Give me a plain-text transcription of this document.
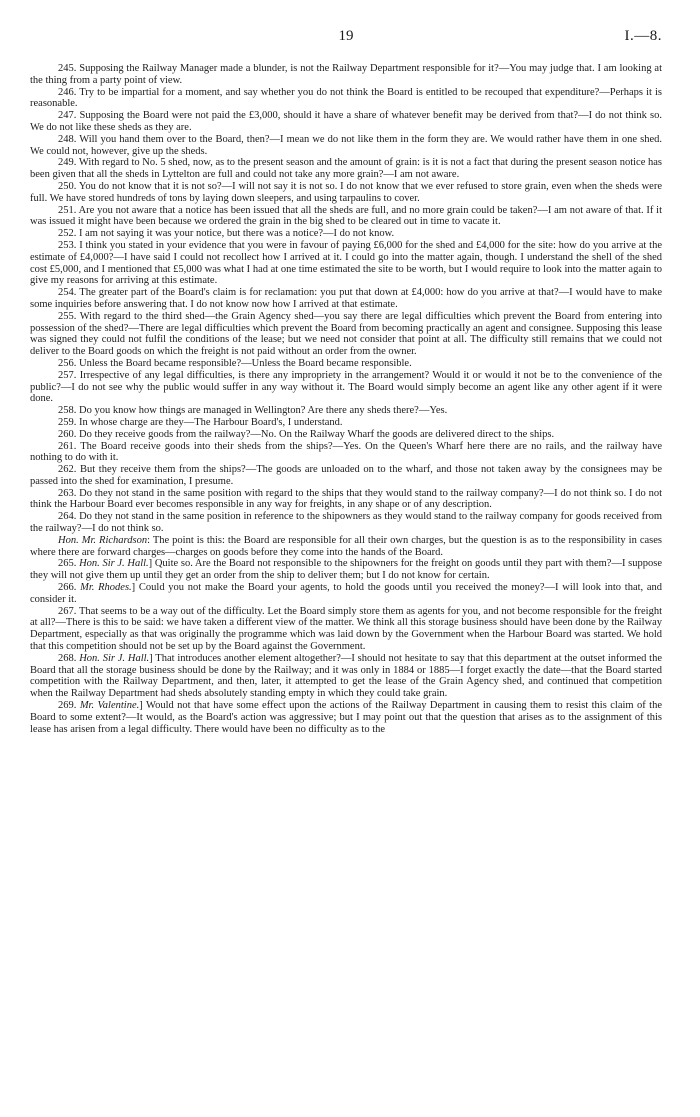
19	I.—8.

245. Supposing the Railway Manager made a blunder, is not the Railway Department responsible for it?—You may judge that. I am looking at the thing from a party point of view.

246. Try to be impartial for a moment, and say whether you do not think the Board is entitled to be recouped that expenditure?—Perhaps it is reasonable.

247. Supposing the Board were not paid the £3,000, should it have a share of whatever benefit may be derived from that?—I do not think so. We do not like these sheds as they are.

248. Will you hand them over to the Board, then?—I mean we do not like them in the form they are. We would rather have them in one shed. We could not, however, give up the sheds.

249. With regard to No. 5 shed, now, as to the present season and the amount of grain: is it is not a fact that during the present season notice has been given that all the sheds in Lyttelton are full and could not take any more grain?—I am not aware.

250. You do not know that it is not so?—I will not say it is not so. I do not know that we ever refused to store grain, even when the sheds were full. We have stored hundreds of tons by laying down sleepers, and using tarpaulins to cover.

251. Are you not aware that a notice has been issued that all the sheds are full, and no more grain could be taken?—I am not aware of that. If it was issued it might have been because we ordered the grain in the big shed to be cleared out in time to vacate it.

252. I am not saying it was your notice, but there was a notice?—I do not know.

253. I think you stated in your evidence that you were in favour of paying £6,000 for the shed and £4,000 for the site: how do you arrive at the estimate of £4,000?—I have said I could not recollect how I arrived at it. I could go into the matter again, though. I understand the shell of the shed cost £5,000, and I mentioned that £5,000 was what I had at one time estimated the site to be worth, but I would require to look into the matter again to give my reasons for arriving at this estimate.

254. The greater part of the Board's claim is for reclamation: you put that down at £4,000: how do you arrive at that?—I would have to make some inquiries before answering that. I do not know now how I arrived at that estimate.

255. With regard to the third shed—the Grain Agency shed—you say there are legal difficulties which prevent the Board from entering into possession of the shed?—There are legal difficulties which prevent the Board from becoming practically an agent and consignee. Supposing this lease was signed they could not fulfil the conditions of the lease; but we need not consider that point at all. The difficulty still remains that we could not deliver to the Board goods on which the freight is not paid without an order from the owner.

256. Unless the Board became responsible?—Unless the Board became responsible.

257. Irrespective of any legal difficulties, is there any impropriety in the arrangement? Would it or would it not be to the convenience of the public?—I do not see why the public would suffer in any way without it. The Board would simply become an agent like any other agent if it were done.

258. Do you know how things are managed in Wellington? Are there any sheds there?—Yes.

259. In whose charge are they—The Harbour Board's, I understand.

260. Do they receive goods from the railway?—No. On the Railway Wharf the goods are delivered direct to the ships.

261. The Board receive goods into their sheds from the ships?—Yes. On the Queen's Wharf here there are no rails, and the railway have nothing to do with it.

262. But they receive them from the ships?—The goods are unloaded on to the wharf, and those not taken away by the consignees may be passed into the shed for examination, I presume.

263. Do they not stand in the same position with regard to the ships that they would stand to the railway company?—I do not think so. I do not think the Harbour Board ever becomes responsible in any way for freights, in any shape or of any description.

264. Do they not stand in the same position in reference to the shipowners as they would stand to the railway company for goods received from the railway?—I do not think so.

Hon. Mr. Richardson: The point is this: the Board are responsible for all their own charges, but the question is as to the responsibility in cases where there are forward charges—charges on goods before they come into the hands of the Board.

265. Hon. Sir J. Hall.] Quite so. Are the Board not responsible to the shipowners for the freight on goods until they part with them?—I suppose they will not give them up until they get an order from the ship to deliver them; but I do not know for certain.

266. Mr. Rhodes.] Could you not make the Board your agents, to hold the goods until you received the money?—I will look into that, and consider it.

267. That seems to be a way out of the difficulty. Let the Board simply store them as agents for you, and not become responsible for the freight at all?—There is this to be said: we have taken a different view of the matter. We think all this storage business should have been done by the Railway Department, especially as that was originally the programme which was laid down by the Government when the Harbour Board was started. We hold that this competition should not be set up by the Board against the Government.

268. Hon. Sir J. Hall.] That introduces another element altogether?—I should not hesitate to say that this department at the outset informed the Board that all the storage business should be done by the Railway; and it was only in 1884 or 1885—I forget exactly the date—that the Board started competition with the Railway Department, and then, later, it attempted to get the lease of the Grain Agency shed, and continued that competition when the Railway Department had sheds absolutely standing empty in which they could take grain.

269. Mr. Valentine.] Would not that have some effect upon the actions of the Railway Department in causing them to resist this claim of the Board to some extent?—It would, as the Board's action was aggressive; but I may point out that the question that arises as to the assignment of this lease has arisen from a legal difficulty. There would have been no difficulty as to the
